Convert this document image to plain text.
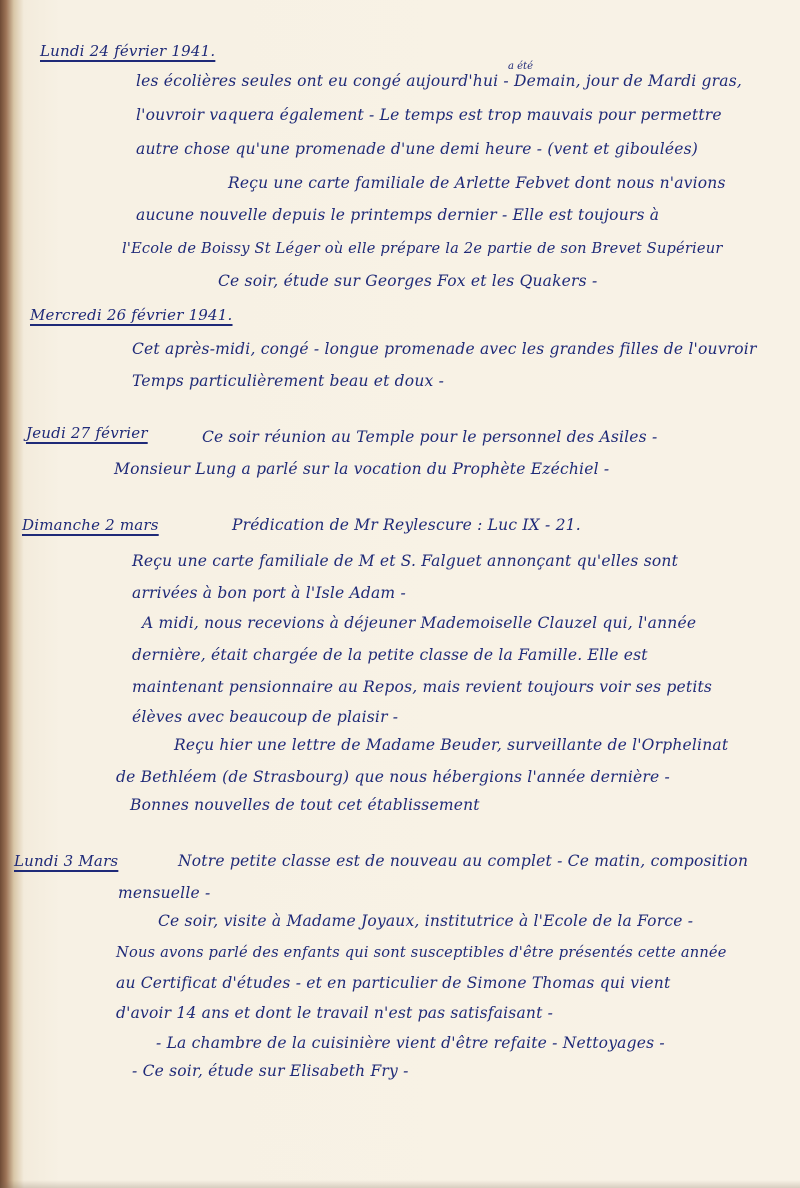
Lundi 24 février 1941.
a été
les écolières seules ont eu congé aujourd'hui - Demain, jour de Mardi gras,
l'ouvroir vaquera également - Le temps est trop mauvais pour permettre
autre chose qu'une promenade d'une demi heure - (vent et giboulées)
Reçu une carte familiale de Arlette Febvet dont nous n'avions
aucune nouvelle depuis le printemps dernier - Elle est toujours à
l'Ecole de Boissy St Léger où elle prépare la 2e partie de son Brevet Supérieur
Ce soir, étude sur Georges Fox et les Quakers -
Mercredi 26 février 1941.
Cet après-midi, congé - longue promenade avec les grandes filles de l'ouvroir
Temps particulièrement beau et doux -
Jeudi 27 février	Ce soir réunion au Temple pour le personnel des Asiles -
Monsieur Lung a parlé sur la vocation du Prophète Ezéchiel -
Dimanche 2 mars	Prédication de Mr Reylescure : Luc IX - 21.
Reçu une carte familiale de M et S. Falguet annonçant qu'elles sont
arrivées à bon port à l'Isle Adam -
A midi, nous recevions à déjeuner Mademoiselle Clauzel qui, l'année
dernière, était chargée de la petite classe de la Famille. Elle est
maintenant pensionnaire au Repos, mais revient toujours voir ses petits
élèves avec beaucoup de plaisir -
Reçu hier une lettre de Madame Beuder, surveillante de l'Orphelinat
de Bethléem (de Strasbourg) que nous hébergions l'année dernière -
Bonnes nouvelles de tout cet établissement
Lundi 3 Mars	Notre petite classe est de nouveau au complet - Ce matin, composition
mensuelle -
Ce soir, visite à Madame Joyaux, institutrice à l'Ecole de la Force -
Nous avons parlé des enfants qui sont susceptibles d'être présentés cette année
au Certificat d'études - et en particulier de Simone Thomas qui vient
d'avoir 14 ans et dont le travail n'est pas satisfaisant -
- La chambre de la cuisinière vient d'être refaite - Nettoyages -
- Ce soir, étude sur Elisabeth Fry -
